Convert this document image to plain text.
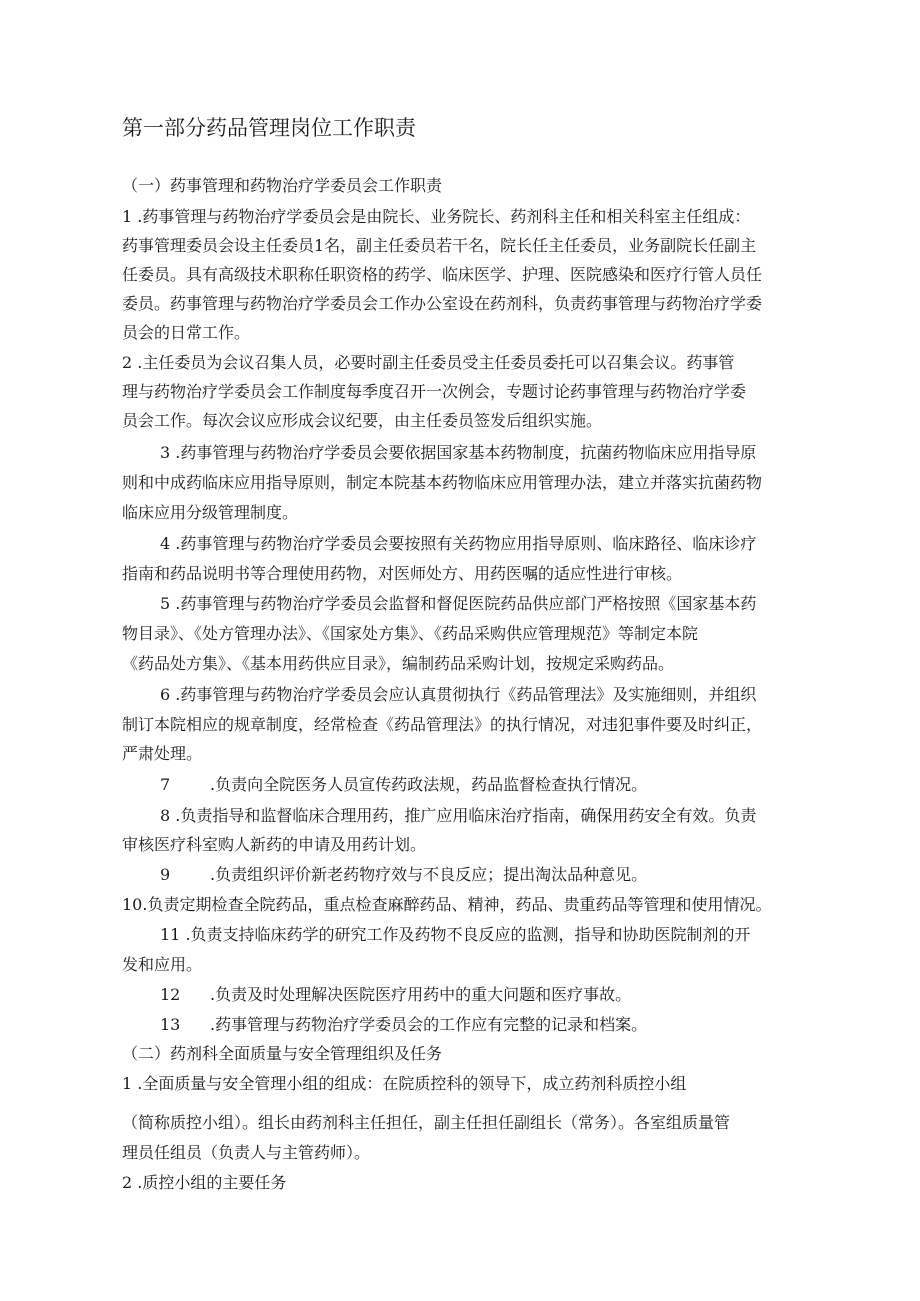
第一部分药品管理岗位工作职责
（一）药事管理和药物治疗学委员会工作职责
1 .药事管理与药物治疗学委员会是由院长、业务院长、药剂科主任和相关科室主任组成：
药事管理委员会设主任委员1名，副主任委员若干名，院长任主任委员，业务副院长任副主
任委员。具有高级技术职称任职资格的药学、临床医学、护理、医院感染和医疗行管人员任
委员。药事管理与药物治疗学委员会工作办公室设在药剂科，负责药事管理与药物治疗学委
员会的日常工作。
2 .主任委员为会议召集人员，必要时副主任委员受主任委员委托可以召集会议。药事管
理与药物治疗学委员会工作制度每季度召开一次例会，专题讨论药事管理与药物治疗学委
员会工作。每次会议应形成会议纪要，由主任委员签发后组织实施。
3 .药事管理与药物治疗学委员会要依据国家基本药物制度，抗菌药物临床应用指导原
则和中成药临床应用指导原则，制定本院基本药物临床应用管理办法，建立并落实抗菌药物
临床应用分级管理制度。
4 .药事管理与药物治疗学委员会要按照有关药物应用指导原则、临床路径、临床诊疗
指南和药品说明书等合理使用药物，对医师处方、用药医嘱的适应性进行审核。
5 .药事管理与药物治疗学委员会监督和督促医院药品供应部门严格按照《国家基本药
物目录》、《处方管理办法》、《国家处方集》、《药品采购供应管理规范》等制定本院
《药品处方集》、《基本用药供应目录》，编制药品采购计划，按规定采购药品。
6 .药事管理与药物治疗学委员会应认真贯彻执行《药品管理法》及实施细则，并组织
制订本院相应的规章制度，经常检查《药品管理法》的执行情况，对违犯事件要及时纠正，
严肃处理。
7 .负责向全院医务人员宣传药政法规，药品监督检查执行情况。
8 .负责指导和监督临床合理用药，推广应用临床治疗指南，确保用药安全有效。负责
审核医疗科室购人新药的申请及用药计划。
9 .负责组织评价新老药物疗效与不良反应；提出淘汰品种意见。
10.负责定期检查全院药品，重点检查麻醉药品、精神，药品、贵重药品等管理和使用情况。
11 .负责支持临床药学的研究工作及药物不良反应的监测，指导和协助医院制剂的开
发和应用。
12 .负责及时处理解决医院医疗用药中的重大问题和医疗事故。
13 .药事管理与药物治疗学委员会的工作应有完整的记录和档案。
（二）药剂科全面质量与安全管理组织及任务
1 .全面质量与安全管理小组的组成：在院质控科的领导下，成立药剂科质控小组
（简称质控小组）。组长由药剂科主任担任，副主任担任副组长（常务）。各室组质量管
理员任组员（负责人与主管药师）。
2 .质控小组的主要任务
